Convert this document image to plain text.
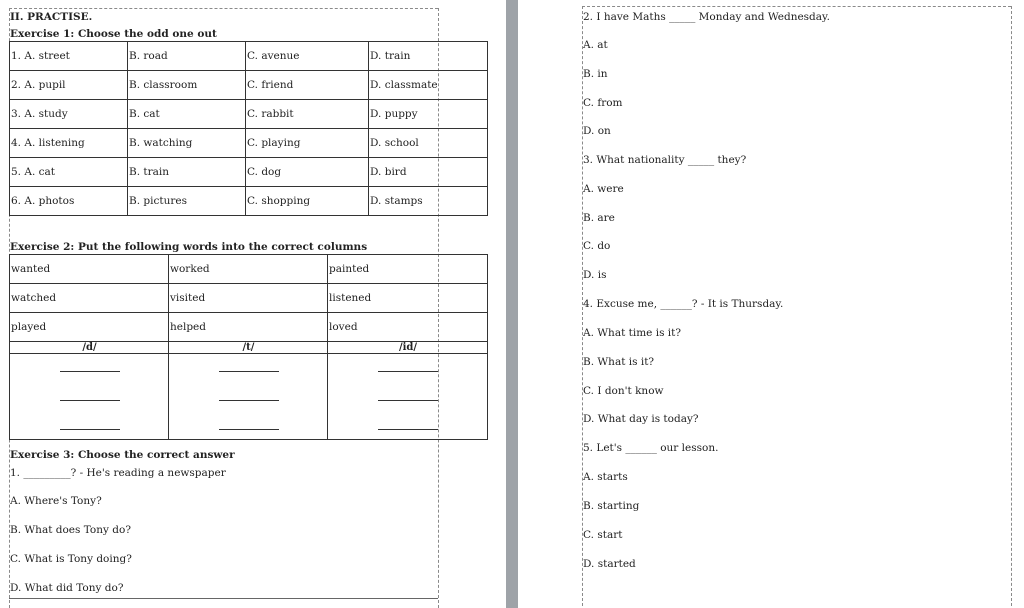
II. PRACTISE.
Exercise 1: Choose the odd one out
1. A. street	B. road	C. avenue	D. train
2. A. pupil	B. classroom	C. friend	D. classmate
3. A. study	B. cat	C. rabbit	D. puppy
4. A. listening	B. watching	C. playing	D. school
5. A. cat	B. train	C. dog	D. bird
6. A. photos	B. pictures	C. shopping	D. stamps
Exercise 2: Put the following words into the correct columns
wanted	worked	painted
watched	visited	listened
played	helped	loved
/d/	/t/	/id/

Exercise 3: Choose the correct answer
1. _________? - He's reading a newspaper
A. Where's Tony?
B. What does Tony do?
C. What is Tony doing?
D. What did Tony do?
2. I have Maths _____ Monday and Wednesday.
A. at
B. in
C. from
D. on
3. What nationality _____ they?
A. were
B. are
C. do
D. is
4. Excuse me, ______? - It is Thursday.
A. What time is it?
B. What is it?
C. I don't know
D. What day is today?
5. Let's ______ our lesson.
A. starts
B. starting
C. start
D. started
